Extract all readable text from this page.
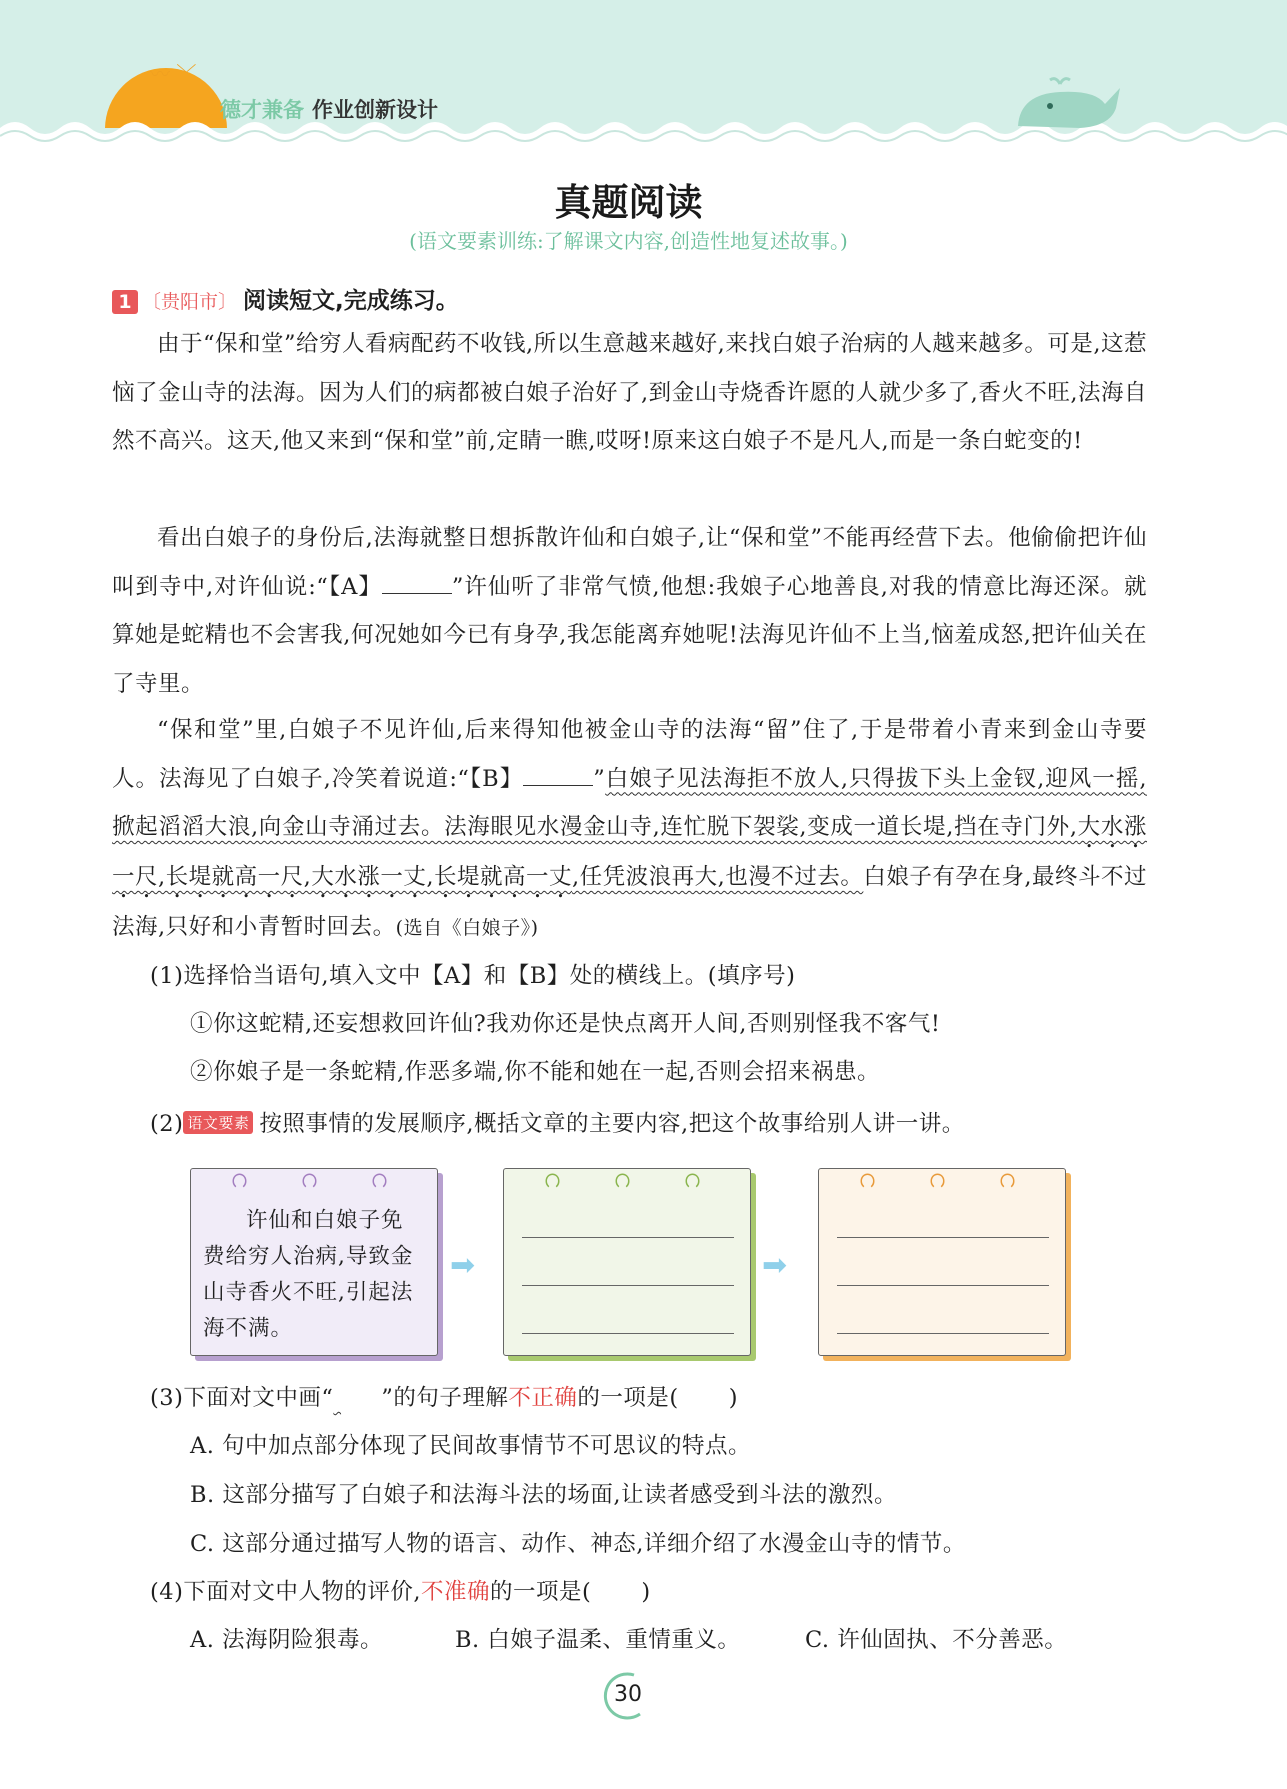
〰 ﹀
德才兼备 作业创新设计
真题阅读
(语文要素训练:了解课文内容,创造性地复述故事。)
1 〔贵阳市〕 阅读短文,完成练习。
由于“保和堂”给穷人看病配药不收钱,所以生意越来越好,来找白娘子治病的人越来越多。可是,这惹恼了金山寺的法海。因为人们的病都被白娘子治好了,到金山寺烧香许愿的人就少多了,香火不旺,法海自然不高兴。这天,他又来到“保和堂”前,定睛一瞧,哎呀!原来这白娘子不是凡人,而是一条白蛇变的!
看出白娘子的身份后,法海就整日想拆散许仙和白娘子,让“保和堂”不能再经营下去。他偷偷把许仙叫到寺中,对许仙说:“【A】	”许仙听了非常气愤,他想:我娘子心地善良,对我的情意比海还深。就算她是蛇精也不会害我,何况她如今已有身孕,我怎能离弃她呢!法海见许仙不上当,恼羞成怒,把许仙关在了寺里。
“保和堂”里,白娘子不见许仙,后来得知他被金山寺的法海“留”住了,于是带着小青来到金山寺要人。法海见了白娘子,冷笑着说道:“【B】	”白娘子见法海拒不放人,只得拔下头上金钗,迎风一摇,掀起滔滔大浪,向金山寺涌过去。法海眼见水漫金山寺,连忙脱下袈裟,变成一道长堤,挡在寺门外,大水涨一尺,长堤就高一尺,大水涨一丈,长堤就高一丈,任凭波浪再大,也漫不过去。白娘子有孕在身,最终斗不过法海,只好和小青暂时回去。(选自《白娘子》)
(1)选择恰当语句,填入文中【A】和【B】处的横线上。(填序号)
①你这蛇精,还妄想救回许仙?我劝你还是快点离开人间,否则别怪我不客气!
②你娘子是一条蛇精,作恶多端,你不能和她在一起,否则会招来祸患。
(2) 语文要素 按照事情的发展顺序,概括文章的主要内容,把这个故事给别人讲一讲。
ဂ ဂ ဂ
许仙和白娘子免费给穷人治病,导致金山寺香火不旺,引起法海不满。
➡
ဂ ဂ ဂ
➡
ဂ ဂ ဂ
(3)下面对文中画“ ”的句子理解不正确的一项是( )
A. 句中加点部分体现了民间故事情节不可思议的特点。
B. 这部分描写了白娘子和法海斗法的场面,让读者感受到斗法的激烈。
C. 这部分通过描写人物的语言、动作、神态,详细介绍了水漫金山寺的情节。
(4)下面对文中人物的评价,不准确的一项是( )
A. 法海阴险狠毒。	B. 白娘子温柔、重情重义。	C. 许仙固执、不分善恶。
30
